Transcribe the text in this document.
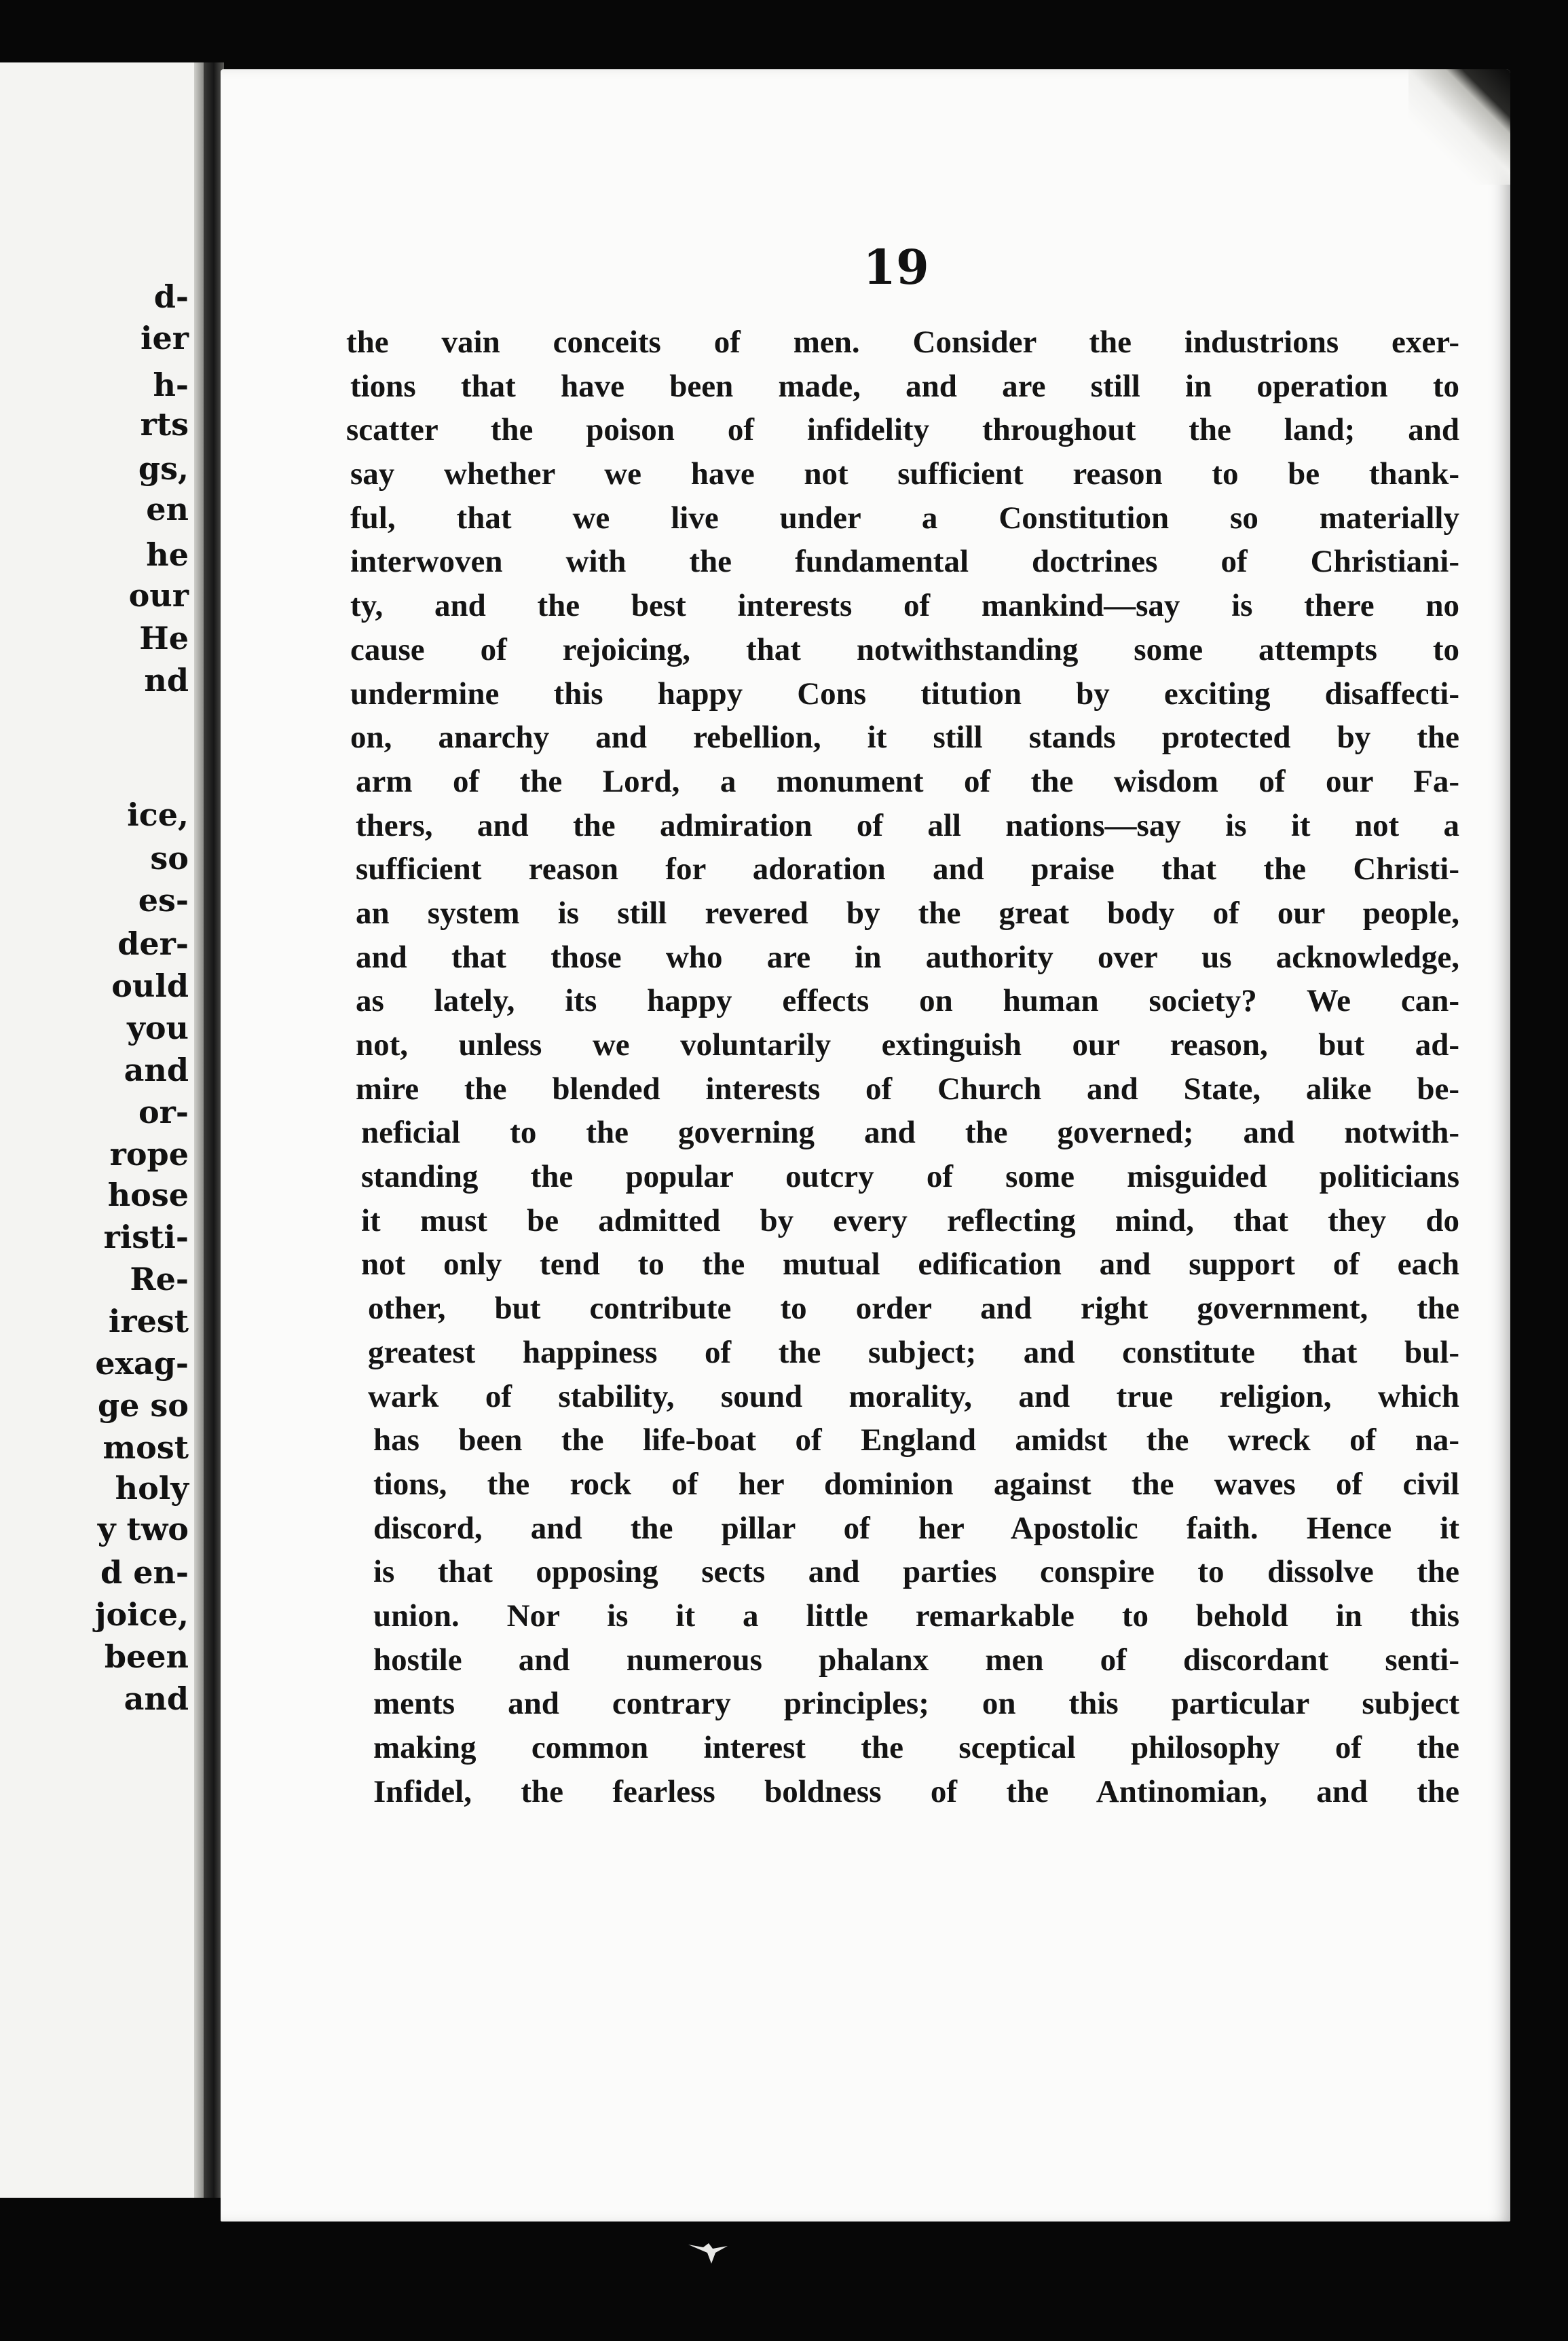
d-
ier
h-
rts
gs,
en
he
our
He
nd
ice,
so
es-
der-
ould
you
and
or-
rope
hose
risti-
Re-
irest
exag-
ge so
most
holy
y two
d en-
joice,
been
and
19
the vain conceits of men. Consider the industrions exer-
tions that have been made, and are still in operation to
scatter the poison of infidelity throughout the land; and
say whether we have not sufficient reason to be thank-
ful, that we live under a Constitution so materially
interwoven with the fundamental doctrines of Christiani-
ty, and the best interests of mankind—say is there no
cause of rejoicing, that notwithstanding some attempts to
undermine this happy Cons titution by exciting disaffecti-
on, anarchy and rebellion, it still stands protected by the
arm of the Lord, a monument of the wisdom of our Fa-
thers, and the admiration of all nations—say is it not a
sufficient reason for adoration and praise that the Christi-
an system is still revered by the great body of our people,
and that those who are in authority over us acknowledge,
as lately, its happy effects on human society? We can-
not, unless we voluntarily extinguish our reason, but ad-
mire the blended interests of Church and State, alike be-
neficial to the governing and the governed; and notwith-
standing the popular outcry of some misguided politicians
it must be admitted by every reflecting mind, that they do
not only tend to the mutual edification and support of each
other, but contribute to order and right government, the
greatest happiness of the subject; and constitute that bul-
wark of stability, sound morality, and true religion, which
has been the life-boat of England amidst the wreck of na-
tions, the rock of her dominion against the waves of civil
discord, and the pillar of her Apostolic faith. Hence it
is that opposing sects and parties conspire to dissolve the
union. Nor is it a little remarkable to behold in this
hostile and numerous phalanx men of discordant senti-
ments and contrary principles; on this particular subject
making common interest the sceptical philosophy of the
Infidel, the fearless boldness of the Antinomian, and the
